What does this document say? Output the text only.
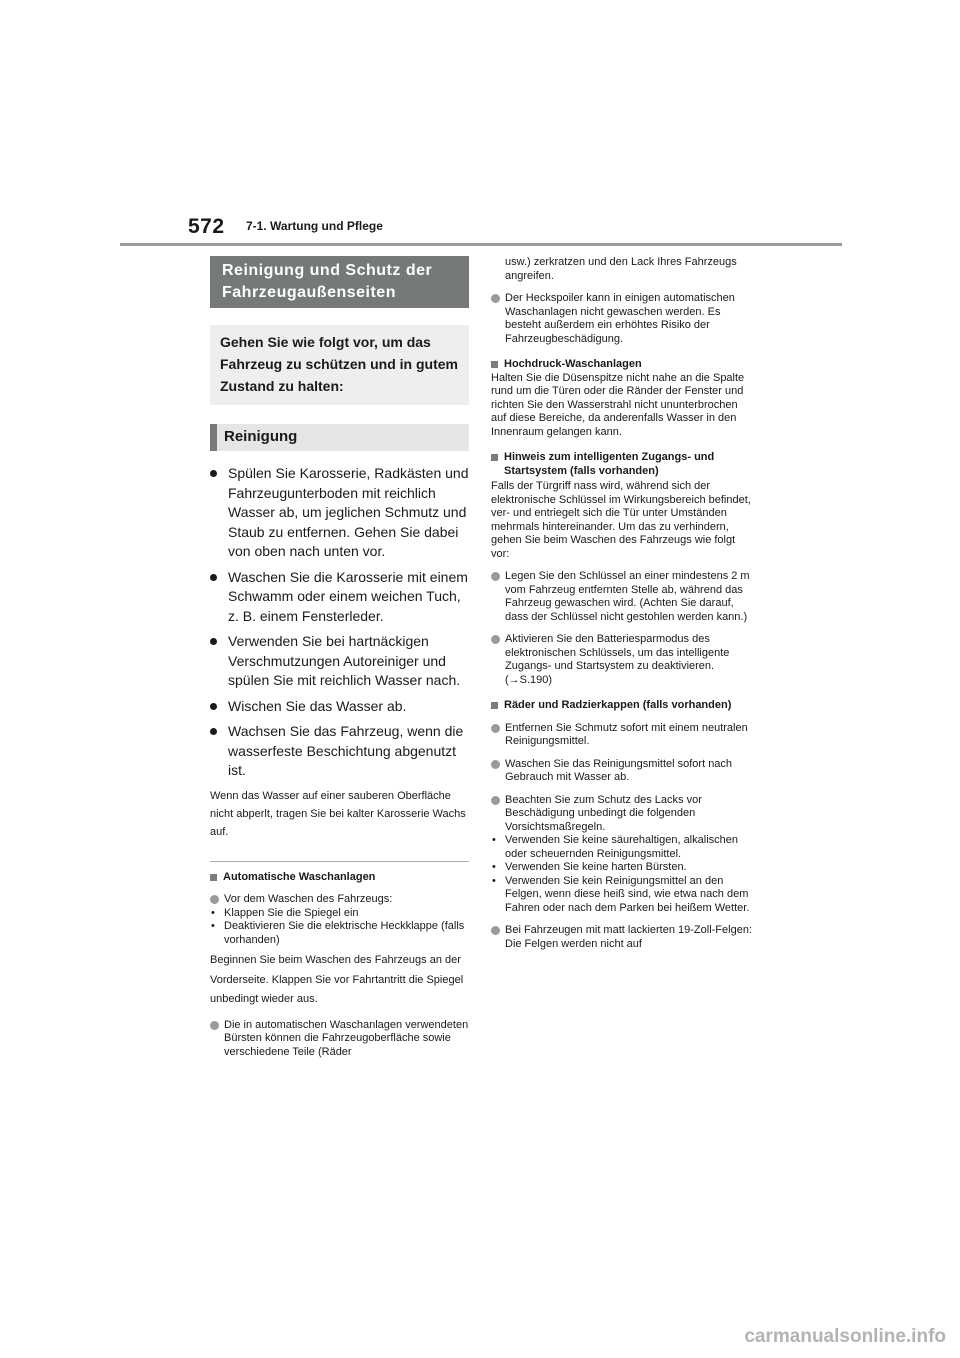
572 7-1. Wartung und Pflege
Reinigung und Schutz der Fahrzeugaußenseiten
Gehen Sie wie folgt vor, um das Fahrzeug zu schützen und in gutem Zustand zu halten:
Reinigung
Spülen Sie Karosserie, Radkästen und Fahrzeugunterboden mit reichlich Wasser ab, um jeglichen Schmutz und Staub zu entfernen. Gehen Sie dabei von oben nach unten vor.
Waschen Sie die Karosserie mit einem Schwamm oder einem weichen Tuch, z. B. einem Fensterleder.
Verwenden Sie bei hartnäckigen Verschmutzungen Autoreiniger und spülen Sie mit reichlich Wasser nach.
Wischen Sie das Wasser ab.
Wachsen Sie das Fahrzeug, wenn die wasserfeste Beschichtung abgenutzt ist.
Wenn das Wasser auf einer sauberen Oberfläche nicht abperlt, tragen Sie bei kalter Karosserie Wachs auf.
Automatische Waschanlagen
Vor dem Waschen des Fahrzeugs:
• Klappen Sie die Spiegel ein
• Deaktivieren Sie die elektrische Heckklappe (falls vorhanden)
Beginnen Sie beim Waschen des Fahrzeugs an der Vorderseite. Klappen Sie vor Fahrtantritt die Spiegel unbedingt wieder aus.
Die in automatischen Waschanlagen verwendeten Bürsten können die Fahrzeugoberfläche sowie verschiedene Teile (Räder
usw.) zerkratzen und den Lack Ihres Fahrzeugs angreifen.
Der Heckspoiler kann in einigen automatischen Waschanlagen nicht gewaschen werden. Es besteht außerdem ein erhöhtes Risiko der Fahrzeugbeschädigung.
Hochdruck-Waschanlagen
Halten Sie die Düsenspitze nicht nahe an die Spalte rund um die Türen oder die Ränder der Fenster und richten Sie den Wasserstrahl nicht ununterbrochen auf diese Bereiche, da anderenfalls Wasser in den Innenraum gelangen kann.
Hinweis zum intelligenten Zugangs- und Startsystem (falls vorhanden)
Falls der Türgriff nass wird, während sich der elektronische Schlüssel im Wirkungsbereich befindet, ver- und entriegelt sich die Tür unter Umständen mehrmals hintereinander. Um das zu verhindern, gehen Sie beim Waschen des Fahrzeugs wie folgt vor:
Legen Sie den Schlüssel an einer mindestens 2 m vom Fahrzeug entfernten Stelle ab, während das Fahrzeug gewaschen wird. (Achten Sie darauf, dass der Schlüssel nicht gestohlen werden kann.)
Aktivieren Sie den Batteriesparmodus des elektronischen Schlüssels, um das intelligente Zugangs- und Startsystem zu deaktivieren. (→S.190)
Räder und Radzierkappen (falls vorhanden)
Entfernen Sie Schmutz sofort mit einem neutralen Reinigungsmittel.
Waschen Sie das Reinigungsmittel sofort nach Gebrauch mit Wasser ab.
Beachten Sie zum Schutz des Lacks vor Beschädigung unbedingt die folgenden Vorsichtsmaßregeln.
• Verwenden Sie keine säurehaltigen, alkalischen oder scheuernden Reinigungsmittel.
• Verwenden Sie keine harten Bürsten.
• Verwenden Sie kein Reinigungsmittel an den Felgen, wenn diese heiß sind, wie etwa nach dem Fahren oder nach dem Parken bei heißem Wetter.
Bei Fahrzeugen mit matt lackierten 19-Zoll-Felgen: Die Felgen werden nicht auf
carmanualsonline.info
